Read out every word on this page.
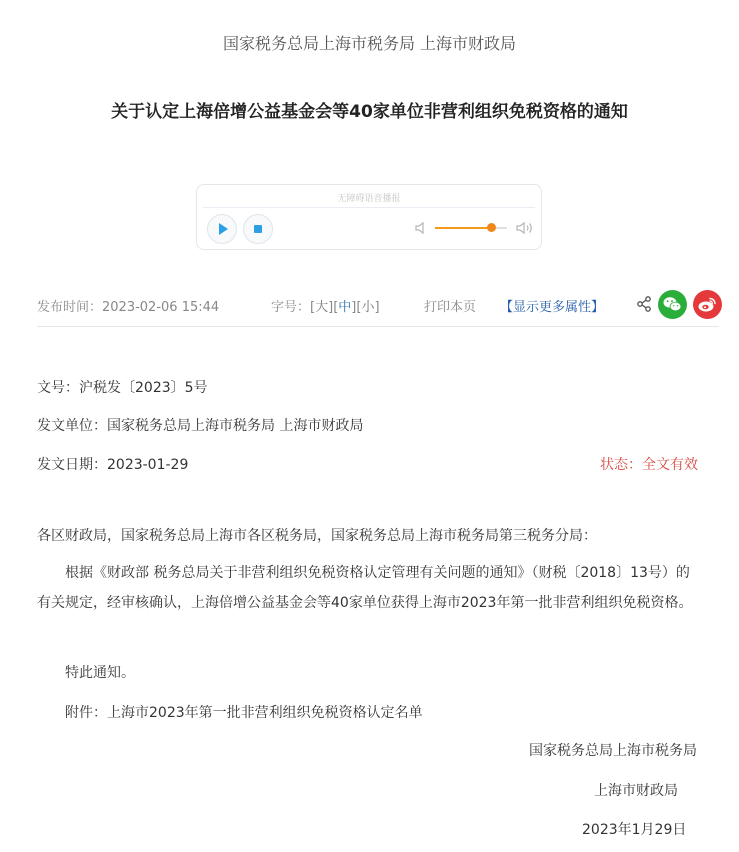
国家税务总局上海市税务局 上海市财政局
关于认定上海倍增公益基金会等40家单位非营利组织免税资格的通知
无障碍语音播报
发布时间：2023-02-06 15:44	字号：[大][中][小]	打印本页 【显示更多属性】
文号：沪税发〔2023〕5号
发文单位：国家税务总局上海市税务局 上海市财政局
发文日期：2023-01-29	状态：全文有效
各区财政局，国家税务总局上海市各区税务局，国家税务总局上海市税务局第三税务分局：
根据《财政部 税务总局关于非营利组织免税资格认定管理有关问题的通知》（财税〔2018〕13号）的有关规定，经审核确认，上海倍增公益基金会等40家单位获得上海市2023年第一批非营利组织免税资格。
特此通知。
附件：上海市2023年第一批非营利组织免税资格认定名单
国家税务总局上海市税务局
上海市财政局
2023年1月29日
